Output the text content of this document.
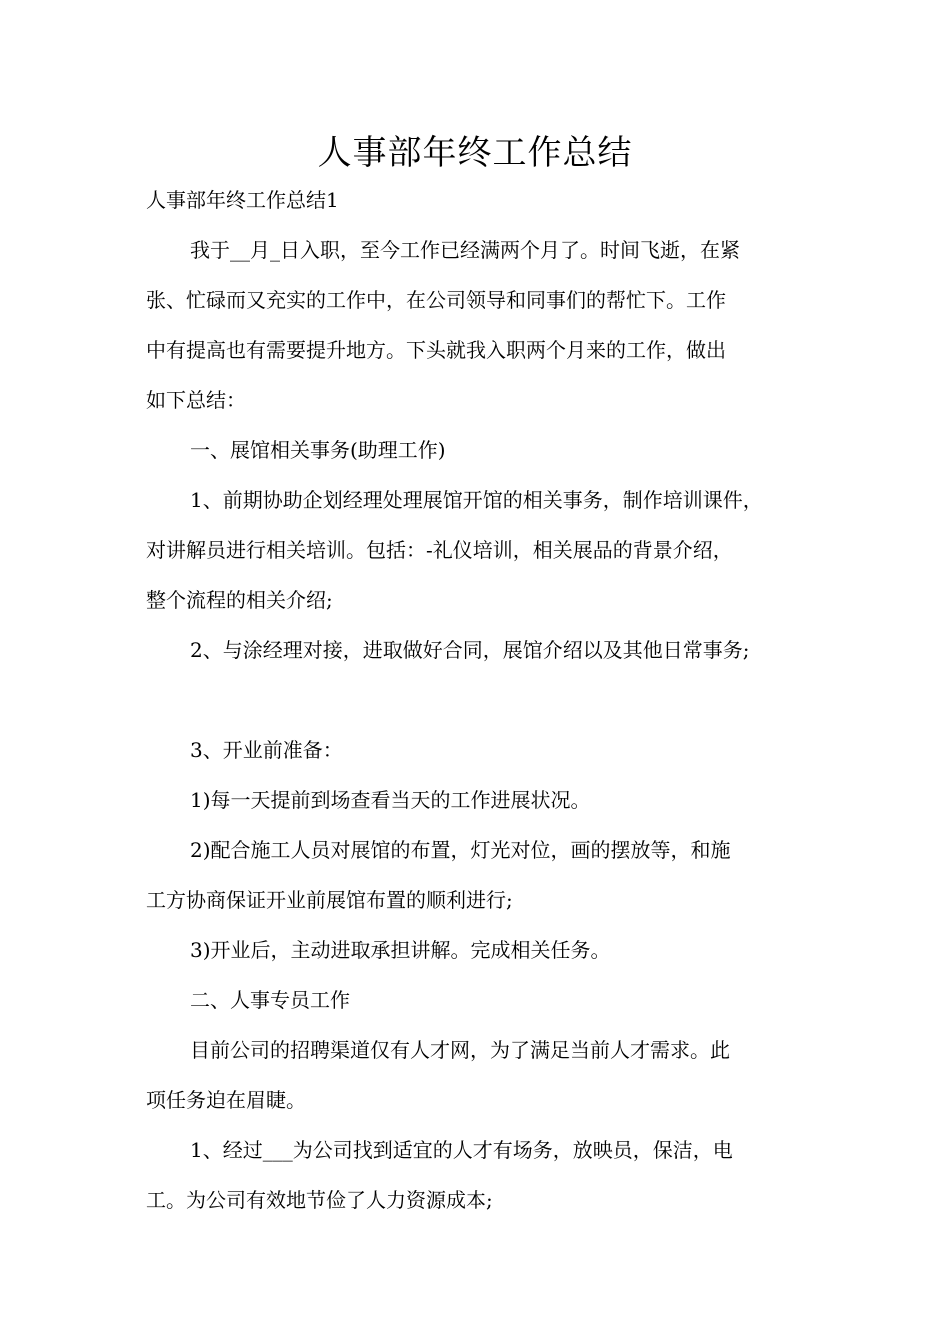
人事部年终工作总结
人事部年终工作总结1
我于__月_日入职，至今工作已经满两个月了。时间飞逝，在紧
张、忙碌而又充实的工作中，在公司领导和同事们的帮忙下。工作
中有提高也有需要提升地方。下头就我入职两个月来的工作，做出
如下总结：
一、展馆相关事务(助理工作)
1、前期协助企划经理处理展馆开馆的相关事务，制作培训课件，
对讲解员进行相关培训。包括：-礼仪培训，相关展品的背景介绍，
整个流程的相关介绍;
2、与涂经理对接，进取做好合同，展馆介绍以及其他日常事务;
3、开业前准备：
1)每一天提前到场查看当天的工作进展状况。
2)配合施工人员对展馆的布置，灯光对位，画的摆放等，和施
工方协商保证开业前展馆布置的顺利进行;
3)开业后，主动进取承担讲解。完成相关任务。
二、人事专员工作
目前公司的招聘渠道仅有人才网，为了满足当前人才需求。此
项任务迫在眉睫。
1、经过___为公司找到适宜的人才有场务，放映员，保洁，电
工。为公司有效地节俭了人力资源成本;
